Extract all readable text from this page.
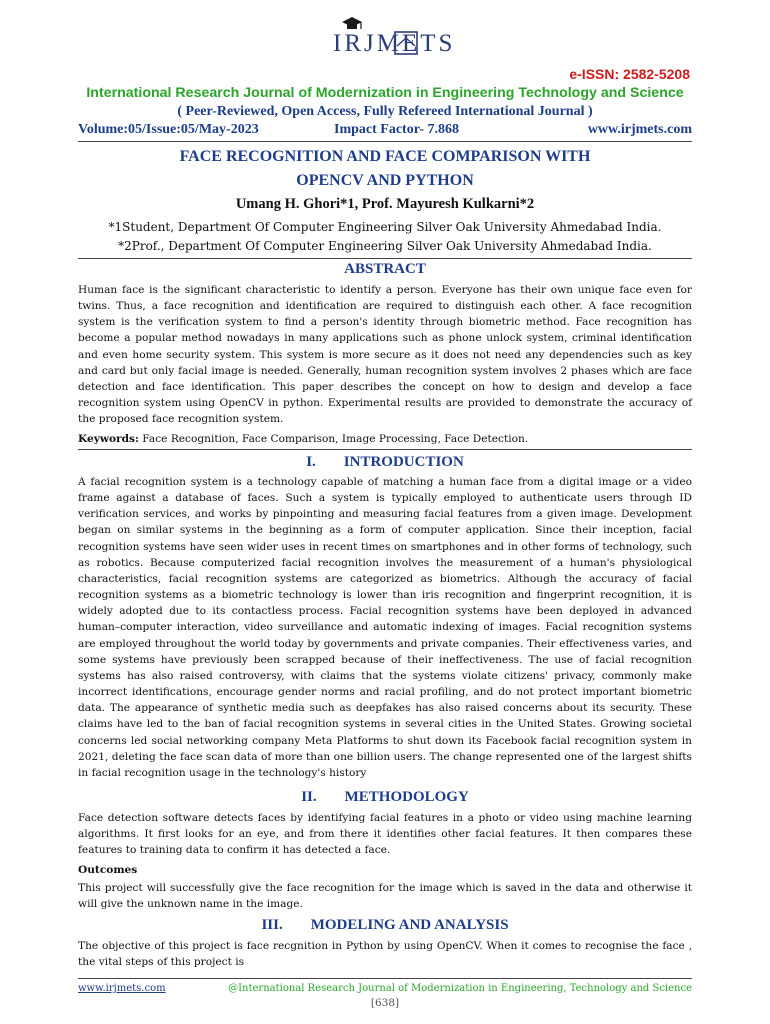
IRJMETS
e-ISSN: 2582-5208
International Research Journal of Modernization in Engineering Technology and Science
( Peer-Reviewed, Open Access, Fully Refereed International Journal )
Volume:05/Issue:05/May-2023	Impact Factor- 7.868	www.irjmets.com
FACE RECOGNITION AND FACE COMPARISON WITH
OPENCV AND PYTHON
Umang H. Ghori*1, Prof. Mayuresh Kulkarni*2
*1Student, Department Of Computer Engineering Silver Oak University Ahmedabad India.
*2Prof., Department Of Computer Engineering Silver Oak University Ahmedabad India.
ABSTRACT
Human face is the significant characteristic to identify a person. Everyone has their own unique face even for twins. Thus, a face recognition and identification are required to distinguish each other. A face recognition system is the verification system to find a person's identity through biometric method. Face recognition has become a popular method nowadays in many applications such as phone unlock system, criminal identification and even home security system. This system is more secure as it does not need any dependencies such as key and card but only facial image is needed. Generally, human recognition system involves 2 phases which are face detection and face identification. This paper describes the concept on how to design and develop a face recognition system using OpenCV in python. Experimental results are provided to demonstrate the accuracy of the proposed face recognition system.
Keywords: Face Recognition, Face Comparison, Image Processing, Face Detection.
I. INTRODUCTION
A facial recognition system is a technology capable of matching a human face from a digital image or a video frame against a database of faces. Such a system is typically employed to authenticate users through ID verification services, and works by pinpointing and measuring facial features from a given image. Development began on similar systems in the beginning as a form of computer application. Since their inception, facial recognition systems have seen wider uses in recent times on smartphones and in other forms of technology, such as robotics. Because computerized facial recognition involves the measurement of a human's physiological characteristics, facial recognition systems are categorized as biometrics. Although the accuracy of facial recognition systems as a biometric technology is lower than iris recognition and fingerprint recognition, it is widely adopted due to its contactless process. Facial recognition systems have been deployed in advanced human–computer interaction, video surveillance and automatic indexing of images. Facial recognition systems are employed throughout the world today by governments and private companies. Their effectiveness varies, and some systems have previously been scrapped because of their ineffectiveness. The use of facial recognition systems has also raised controversy, with claims that the systems violate citizens' privacy, commonly make incorrect identifications, encourage gender norms and racial profiling, and do not protect important biometric data. The appearance of synthetic media such as deepfakes has also raised concerns about its security. These claims have led to the ban of facial recognition systems in several cities in the United States. Growing societal concerns led social networking company Meta Platforms to shut down its Facebook facial recognition system in 2021, deleting the face scan data of more than one billion users. The change represented one of the largest shifts in facial recognition usage in the technology's history
II. METHODOLOGY
Face detection software detects faces by identifying facial features in a photo or video using machine learning algorithms. It first looks for an eye, and from there it identifies other facial features. It then compares these features to training data to confirm it has detected a face.
Outcomes
This project will successfully give the face recognition for the image which is saved in the data and otherwise it will give the unknown name in the image.
III. MODELING AND ANALYSIS
The objective of this project is face recgnition in Python by using OpenCV. When it comes to recognise the face , the vital steps of this project is
www.irjmets.com	@International Research Journal of Modernization in Engineering, Technology and Science
[638]
